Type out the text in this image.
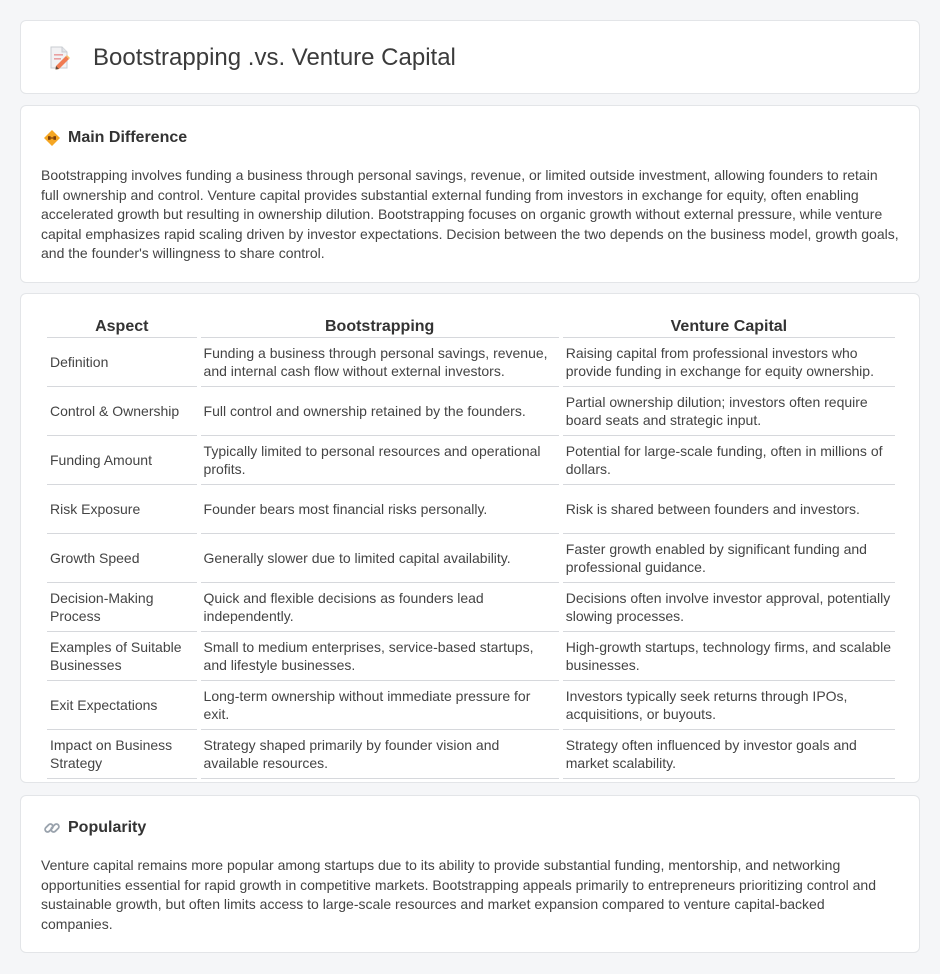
Bootstrapping .vs. Venture Capital
Main Difference

Bootstrapping involves funding a business through personal savings, revenue, or limited outside investment, allowing founders to retain full ownership and control. Venture capital provides substantial external funding from investors in exchange for equity, often enabling accelerated growth but resulting in ownership dilution. Bootstrapping focuses on organic growth without external pressure, while venture capital emphasizes rapid scaling driven by investor expectations. Decision between the two depends on the business model, growth goals, and the founder's willingness to share control.

Aspect	Bootstrapping	Venture Capital
Definition	Funding a business through personal savings, revenue, and internal cash flow without external investors.	Raising capital from professional investors who provide funding in exchange for equity ownership.
Control & Ownership	Full control and ownership retained by the founders.	Partial ownership dilution; investors often require board seats and strategic input.
Funding Amount	Typically limited to personal resources and operational profits.	Potential for large-scale funding, often in millions of dollars.
Risk Exposure	Founder bears most financial risks personally.	Risk is shared between founders and investors.
Growth Speed	Generally slower due to limited capital availability.	Faster growth enabled by significant funding and professional guidance.
Decision-Making Process	Quick and flexible decisions as founders lead independently.	Decisions often involve investor approval, potentially slowing processes.
Examples of Suitable Businesses	Small to medium enterprises, service-based startups, and lifestyle businesses.	High-growth startups, technology firms, and scalable businesses.
Exit Expectations	Long-term ownership without immediate pressure for exit.	Investors typically seek returns through IPOs, acquisitions, or buyouts.
Impact on Business Strategy	Strategy shaped primarily by founder vision and available resources.	Strategy often influenced by investor goals and market scalability.
Popularity

Venture capital remains more popular among startups due to its ability to provide substantial funding, mentorship, and networking opportunities essential for rapid growth in competitive markets. Bootstrapping appeals primarily to entrepreneurs prioritizing control and sustainable growth, but often limits access to large-scale resources and market expansion compared to venture capital-backed companies.
